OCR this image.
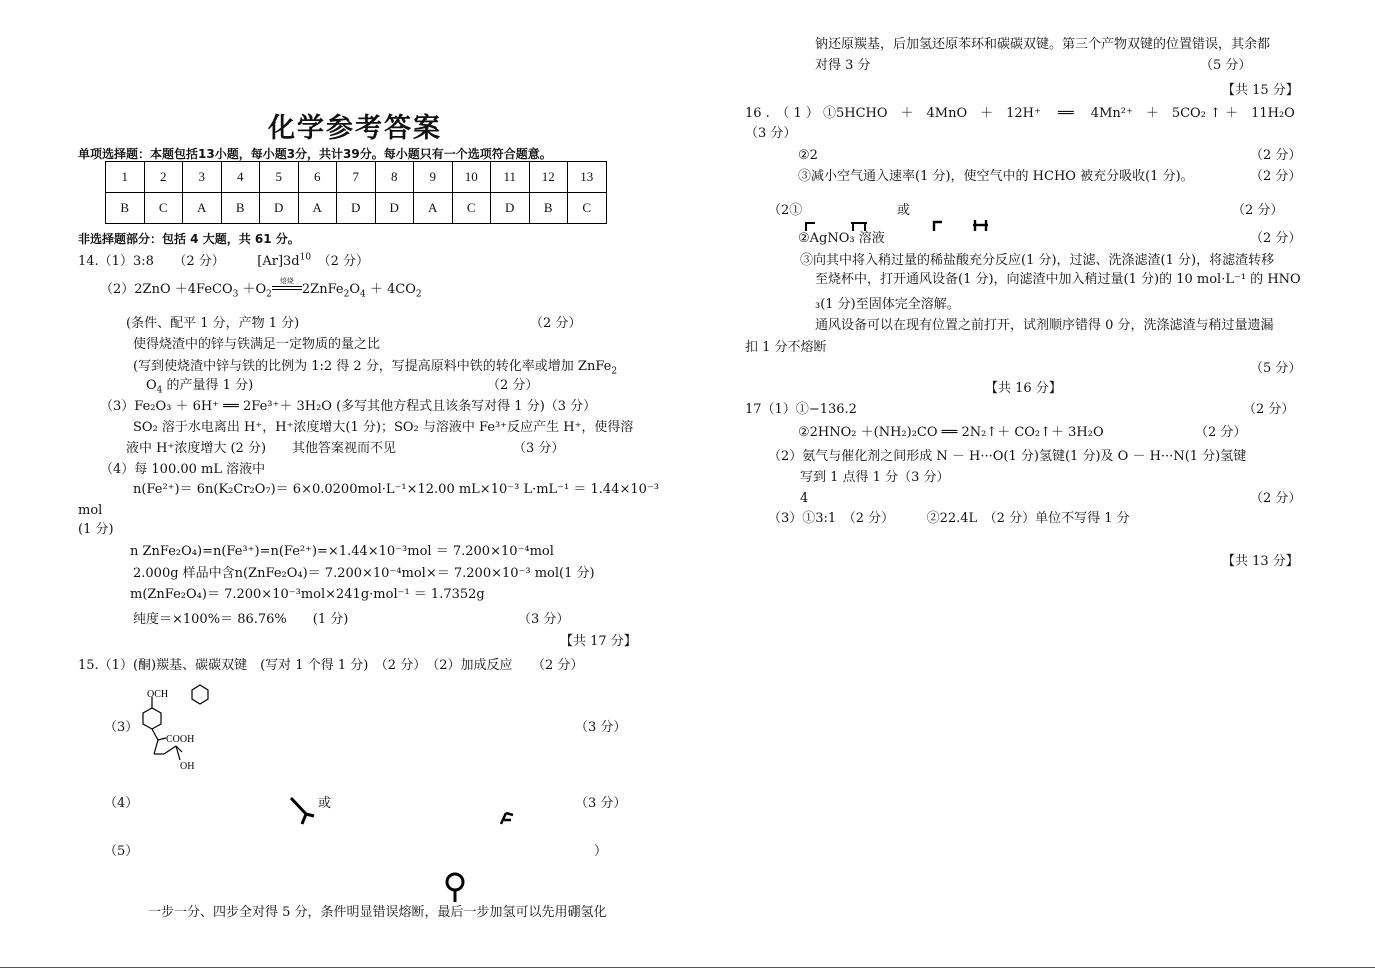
化学参考答案
单项选择题：本题包括13小题，每小题3分，共计39分。每小题只有一个选项符合题意。
1	2	3	4	5	6	7	8	9	10	11	12	13
B	C	A	B	D	A	D	D	A	C	D	B	C
非选择题部分：包括 4 大题，共 61 分。
14.（1）3:8　　（2 分）　　　$[Ar]3d^{10}$　（2 分）
（2）2ZnO ＋4FeCO$_3$ $+O_2$
焙烧
$2ZnFe_2O_4 + 4CO_2$
(条件、配平 1 分，产物 1 分)	（2 分）
使得烧渣中的锌与铁满足一定物质的量之比
(写到使烧渣中锌与铁的比例为 1:2 得 2 分，写提高原料中铁的转化率或增加 ZnFe$_2$
$O_4$ 的产量得 1 分)	（2 分）
（3）Fe₂O₃ ＋ 6H⁺ ══ 2Fe³⁺＋ 3H₂O (多写其他方程式且该条写对得 1 分)（3 分）
SO₂ 溶于水电离出 H⁺，H⁺浓度增大(1 分)；SO₂ 与溶液中 Fe³⁺反应产生 H⁺，使得溶
液中 H⁺浓度增大 (2 分)　　其他答案视而不见	（3 分）
（4）每 100.00 mL 溶液中
n(Fe²⁺)＝ 6n(K₂Cr₂O₇)＝ 6×0.0200mol·L⁻¹×12.00 mL×10⁻³ L·mL⁻¹ ＝ 1.44×10⁻³
mol
(1 分)
n ZnFe₂O₄)=n(Fe³⁺)=n(Fe²⁺)=×1.44×10⁻³mol ＝ 7.200×10⁻⁴mol
2.000g 样品中含n(ZnFe₂O₄)＝ 7.200×10⁻⁴mol×＝ 7.200×10⁻³ mol(1 分)
m(ZnFe₂O₄)＝ 7.200×10⁻³mol×241g·mol⁻¹ ＝ 1.7352g
纯度＝×100%＝ 86.76%　　(1 分)	（3 分）
【共 17 分】
15.（1）(酮)羰基、碳碳双键　(写对 1 个得 1 分)　（2 分）　（2）加成反应　　（2 分）
（3）	（3 分）
OCH
COOH
OH
（4）	或	（3 分）
（5）	）
一步一分、四步全对得 5 分，条件明显错误熔断，最后一步加氢可以先用硼氢化
钠还原羰基，后加氢还原苯环和碳碳双键。第三个产物双键的位置错误，其余都
对得 3 分	（5 分）
【共 15 分】
16 .　（ 1 ） ①5HCHO　＋　4MnO　＋　12H⁺　 ══　 4Mn²⁺　＋　5CO₂ ↑ ＋　11H₂O
（3 分）
②2	（2 分）
③减小空气通入速率(1 分)，使空气中的 HCHO 被充分吸收(1 分)。	（2 分）
（2①	或	（2 分）
②AgNO₃ 溶液	（2 分）
③向其中将入稍过量的稀盐酸充分反应(1 分)，过滤、洗涤滤渣(1 分)，将滤渣转移
至烧杯中，打开通风设备(1 分)，向滤渣中加入稍过量(1 分)的 10 mol·L⁻¹ 的 HNO
₃(1 分)至固体完全溶解。
通风设备可以在现有位置之前打开，试剂顺序错得 0 分，洗涤滤渣与稍过量遗漏
扣 1 分不熔断
（5 分）
【共 16 分】
17（1）①−136.2	（2 分）
②2HNO₂ ＋(NH₂)₂CO ══ 2N₂↑＋ CO₂↑＋ 3H₂O	（2 分）
（2）氨气与催化剂之间形成 N － H···O(1 分)氢键(1 分)及 O － H···N(1 分)氢键
写到 1 点得 1 分（3 分）
4	（2 分）
（3）①3:1　（2 分）　　　②22.4L　（2 分）单位不写得 1 分
【共 13 分】
